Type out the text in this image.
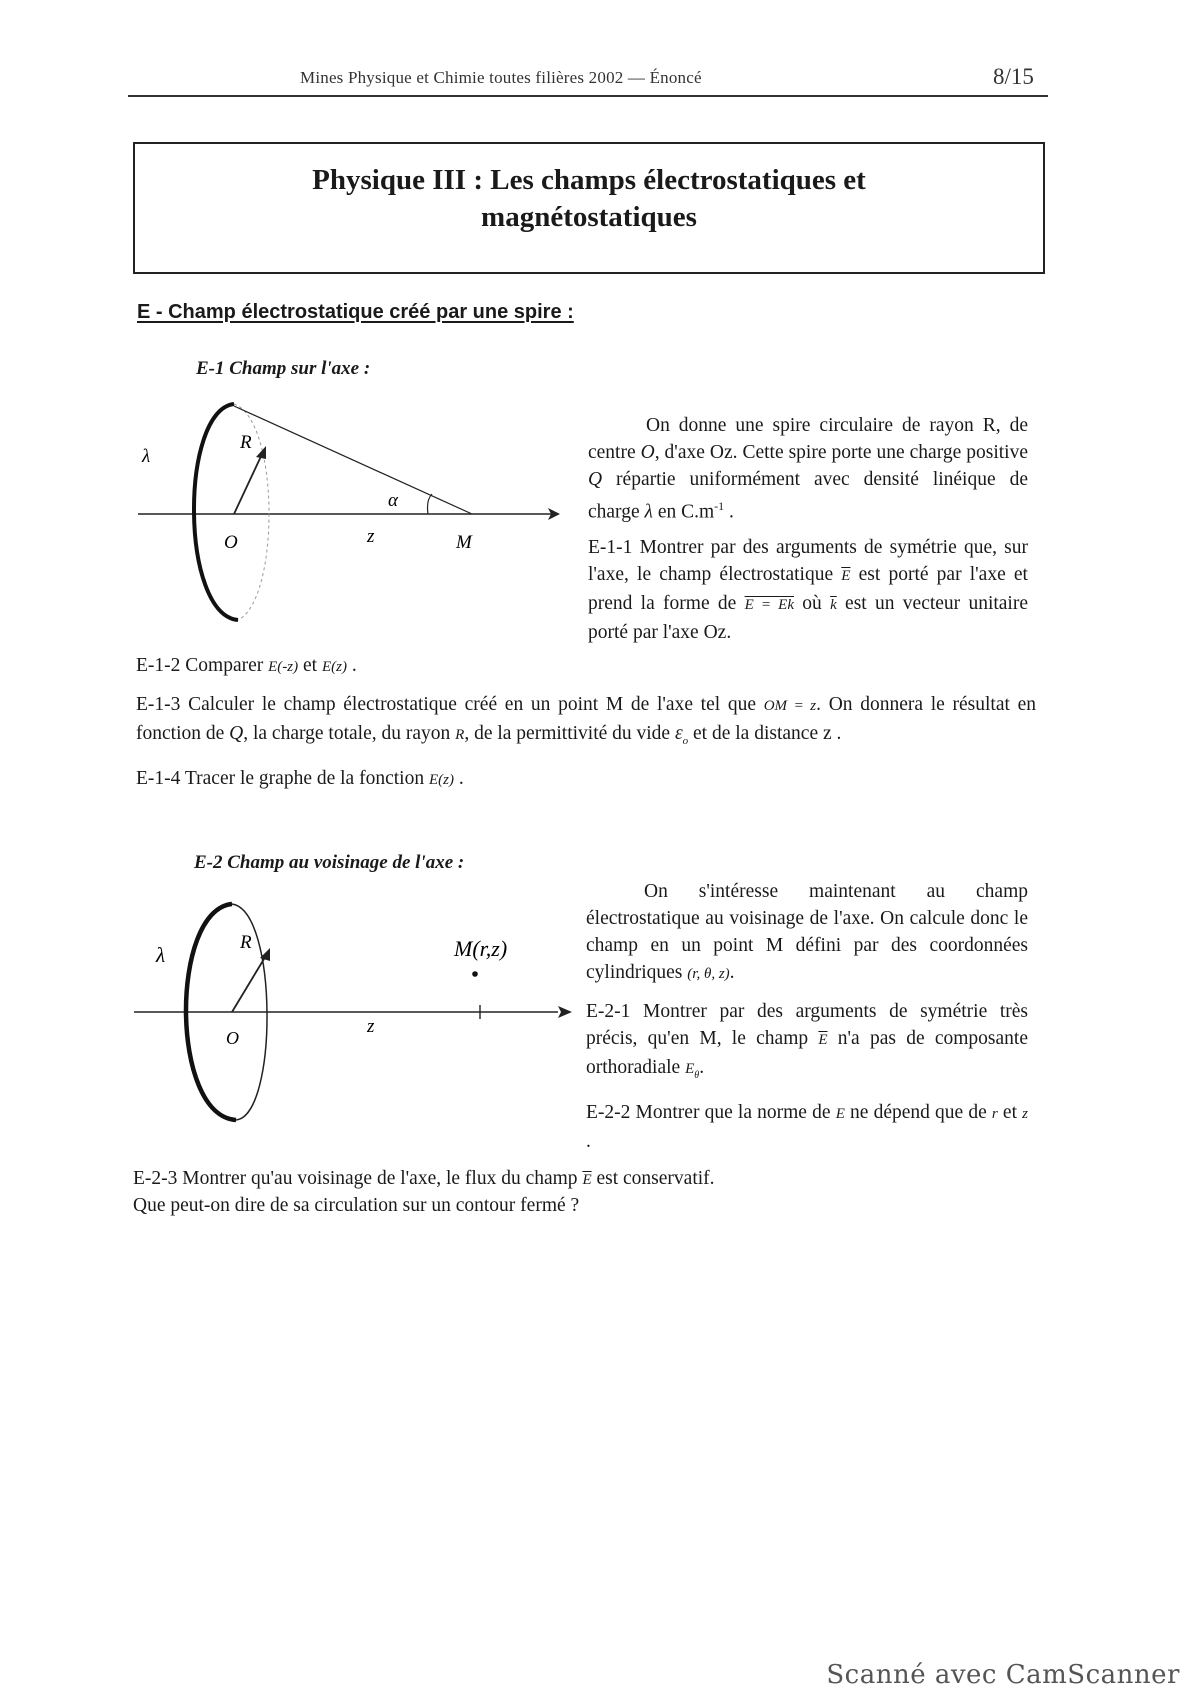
Mines Physique et Chimie toutes filières 2002 — Énoncé	8/15
Physique III : Les champs électrostatiques et
magnétostatiques
E - Champ électrostatique créé par une spire :
E-1 Champ sur l'axe :
λ
R
α
O	z	M

On donne une spire circulaire de rayon R, de centre O, d'axe Oz. Cette spire porte une charge positive Q répartie uniformément avec densité linéique de charge λ en $C.m^{-1}$ .

E-1-1 Montrer par des arguments de symétrie que, sur l'axe, le champ électrostatique $\overline{E}$ est porté par l'axe et prend la forme de E = Ek où $\overline{k}$ est un vecteur unitaire porté par l'axe Oz.

E-1-2 Comparer E(-z) et E(z) .

E-1-3 Calculer le champ électrostatique créé en un point M de l'axe tel que OM = z. On donnera le résultat en fonction de Q, la charge totale, du rayon R, de la permittivité du vide $\varepsilon_o$ et de la distance z .

E-1-4 Tracer le graphe de la fonction E(z) .

E-2 Champ au voisinage de l'axe :
λ
R	M(r,z)
O
z

On s'intéresse maintenant au champ électrostatique au voisinage de l'axe. On calcule donc le champ en un point M défini par des coordonnées cylindriques (r, θ, z).

E-2-1 Montrer par des arguments de symétrie très précis, qu'en M, le champ $\overline{E}$ n'a pas de composante orthoradiale $E_\theta$.

E-2-2 Montrer que la norme de E ne dépend que de r et z .

E-2-3 Montrer qu'au voisinage de l'axe, le flux du champ $\overline{E}$ est conservatif.

Que peut-on dire de sa circulation sur un contour fermé ?

Scanné avec CamScanner
